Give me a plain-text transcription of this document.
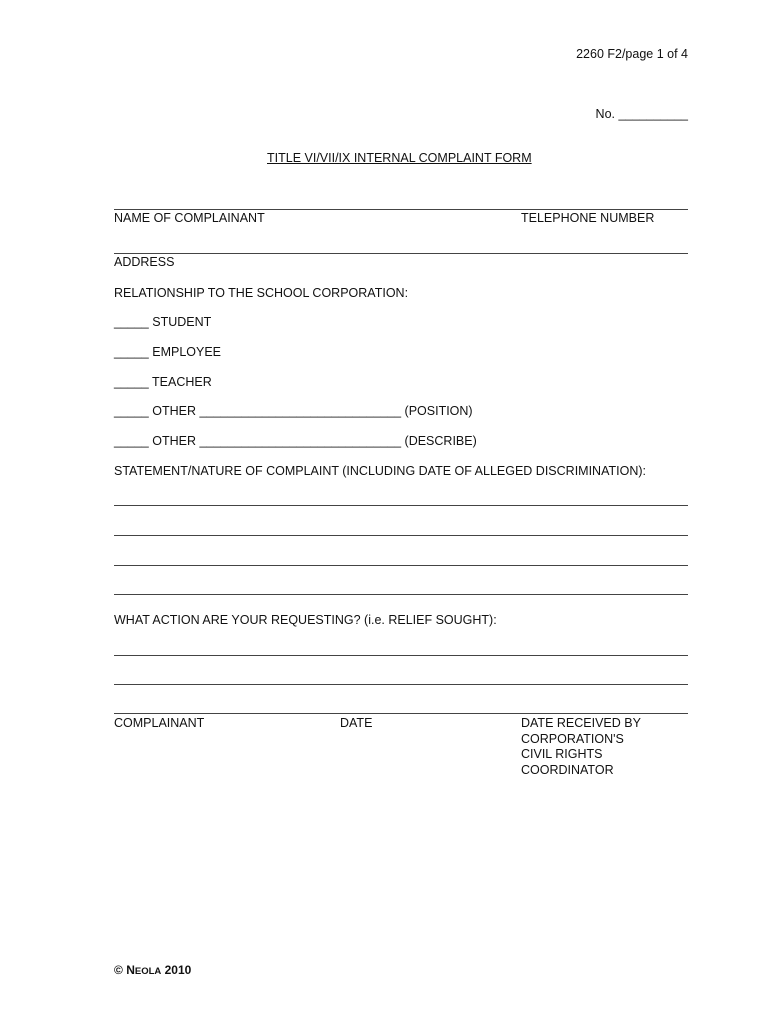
2260 F2/page 1 of 4
No. __________
TITLE VI/VII/IX INTERNAL COMPLAINT FORM
NAME OF COMPLAINANT	TELEPHONE NUMBER
ADDRESS
RELATIONSHIP TO THE SCHOOL CORPORATION:
_____ STUDENT
_____ EMPLOYEE
_____ TEACHER
_____ OTHER _____________________________ (POSITION)
_____ OTHER _____________________________ (DESCRIBE)
STATEMENT/NATURE OF COMPLAINT (INCLUDING DATE OF ALLEGED DISCRIMINATION):
WHAT ACTION ARE YOUR REQUESTING? (i.e. RELIEF SOUGHT):
COMPLAINANT	DATE	DATE RECEIVED BY
CORPORATION'S
CIVIL RIGHTS
COORDINATOR
© NEOLA 2010
